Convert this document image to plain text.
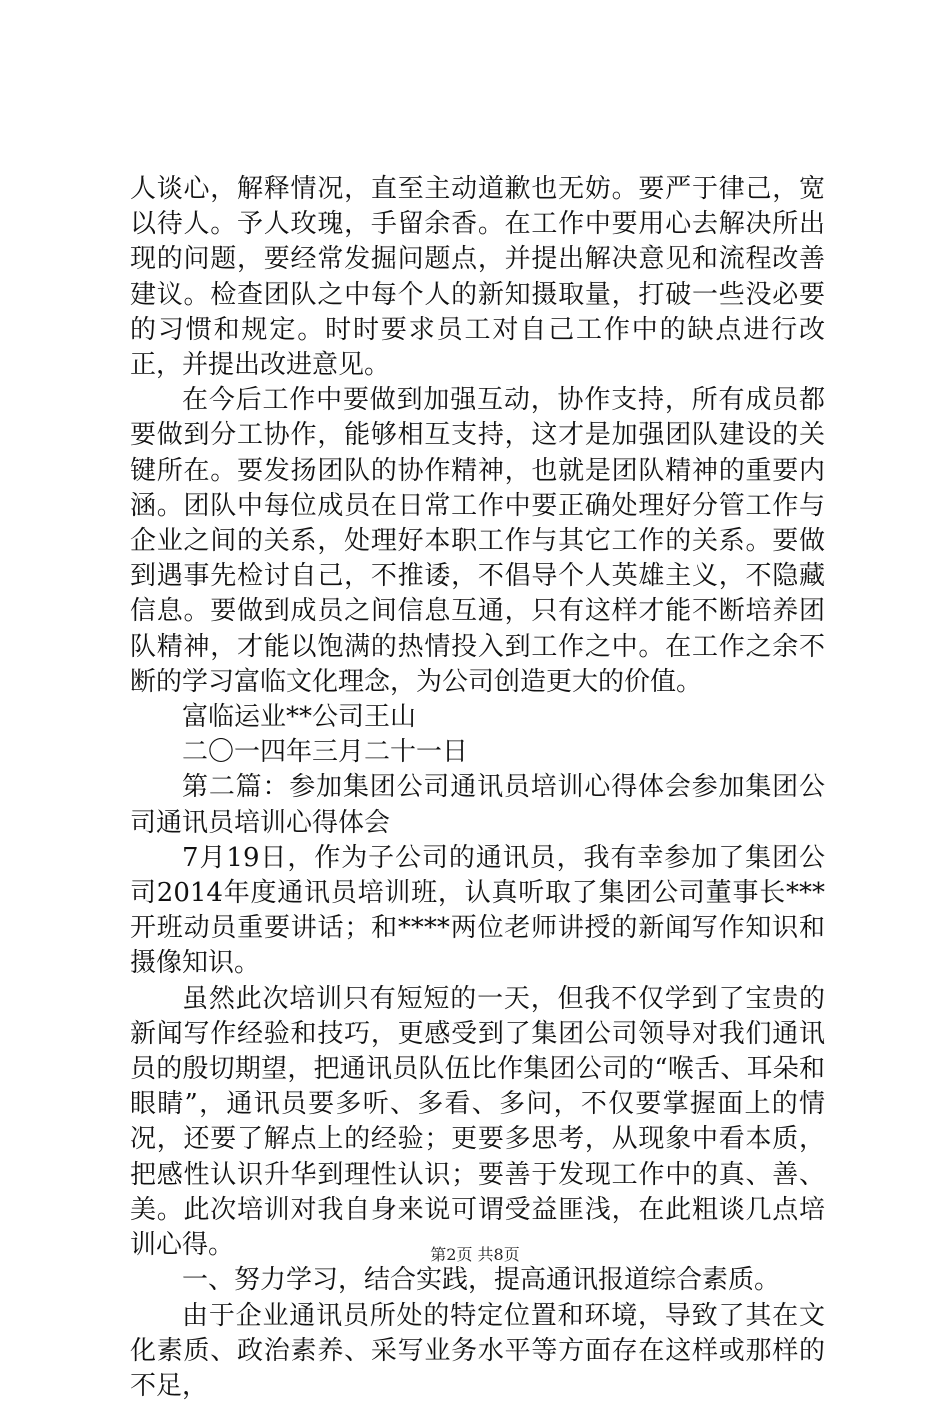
人谈心，解释情况，直至主动道歉也无妨。要严于律己，宽以待人。予人玫瑰，手留余香。在工作中要用心去解决所出现的问题，要经常发掘问题点，并提出解决意见和流程改善建议。检查团队之中每个人的新知摄取量，打破一些没必要的习惯和规定。时时要求员工对自己工作中的缺点进行改正，并提出改进意见。

在今后工作中要做到加强互动，协作支持，所有成员都要做到分工协作，能够相互支持，这才是加强团队建设的关键所在。要发扬团队的协作精神，也就是团队精神的重要内涵。团队中每位成员在日常工作中要正确处理好分管工作与企业之间的关系，处理好本职工作与其它工作的关系。要做到遇事先检讨自己，不推诿，不倡导个人英雄主义，不隐藏信息。要做到成员之间信息互通，只有这样才能不断培养团队精神，才能以饱满的热情投入到工作之中。在工作之余不断的学习富临文化理念，为公司创造更大的价值。

富临运业**公司王山

二〇一四年三月二十一日

第二篇：参加集团公司通讯员培训心得体会参加集团公司通讯员培训心得体会

7月19日，作为子公司的通讯员，我有幸参加了集团公司2014年度通讯员培训班，认真听取了集团公司董事长***开班动员重要讲话；和****两位老师讲授的新闻写作知识和摄像知识。

虽然此次培训只有短短的一天，但我不仅学到了宝贵的新闻写作经验和技巧，更感受到了集团公司领导对我们通讯员的殷切期望，把通讯员队伍比作集团公司的“喉舌、耳朵和眼睛”，通讯员要多听、多看、多问，不仅要掌握面上的情况，还要了解点上的经验；更要多思考，从现象中看本质，把感性认识升华到理性认识；要善于发现工作中的真、善、美。此次培训对我自身来说可谓受益匪浅，在此粗谈几点培训心得。

一、努力学习，结合实践，提高通讯报道综合素质。

由于企业通讯员所处的特定位置和环境，导致了其在文化素质、政治素养、采写业务水平等方面存在这样或那样的不足，

第2页 共8页
